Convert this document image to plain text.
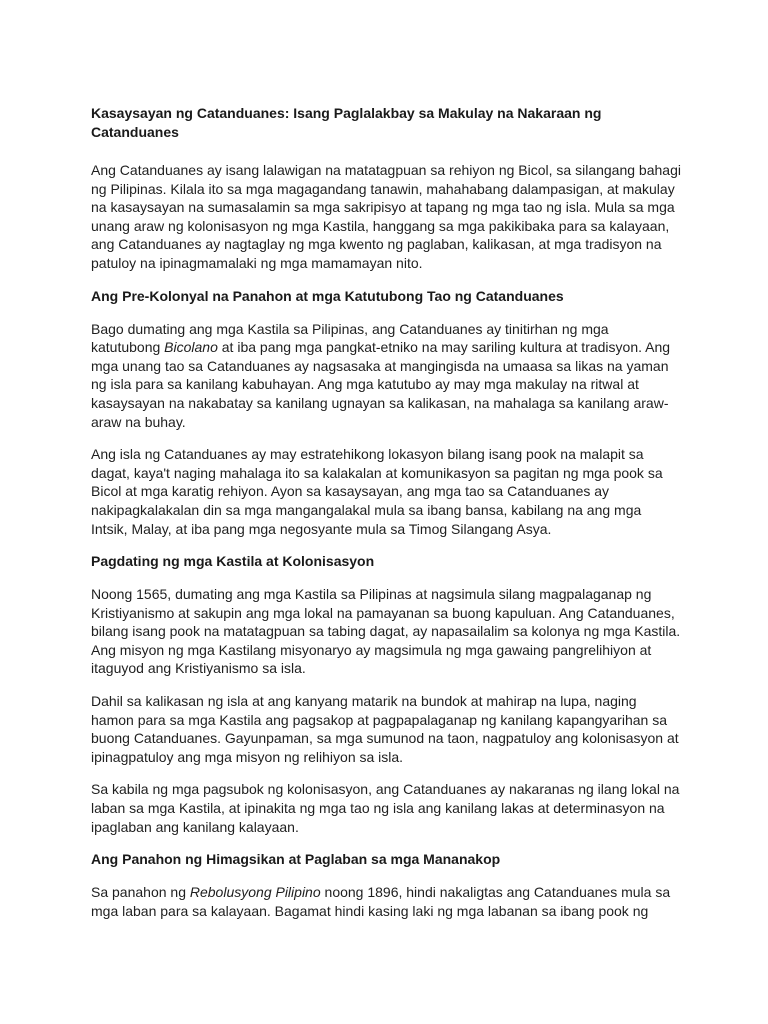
Kasaysayan ng Catanduanes: Isang Paglalakbay sa Makulay na Nakaraan ng Catanduanes

Ang Catanduanes ay isang lalawigan na matatagpuan sa rehiyon ng Bicol, sa silangang bahagi ng Pilipinas. Kilala ito sa mga magagandang tanawin, mahahabang dalampasigan, at makulay na kasaysayan na sumasalamin sa mga sakripisyo at tapang ng mga tao ng isla. Mula sa mga unang araw ng kolonisasyon ng mga Kastila, hanggang sa mga pakikibaka para sa kalayaan, ang Catanduanes ay nagtaglay ng mga kwento ng paglaban, kalikasan, at mga tradisyon na patuloy na ipinagmamalaki ng mga mamamayan nito.

Ang Pre-Kolonyal na Panahon at mga Katutubong Tao ng Catanduanes

Bago dumating ang mga Kastila sa Pilipinas, ang Catanduanes ay tinitirhan ng mga katutubong Bicolano at iba pang mga pangkat-etniko na may sariling kultura at tradisyon. Ang mga unang tao sa Catanduanes ay nagsasaka at mangingisda na umaasa sa likas na yaman ng isla para sa kanilang kabuhayan. Ang mga katutubo ay may mga makulay na ritwal at kasaysayan na nakabatay sa kanilang ugnayan sa kalikasan, na mahalaga sa kanilang araw-araw na buhay.

Ang isla ng Catanduanes ay may estratehikong lokasyon bilang isang pook na malapit sa dagat, kaya't naging mahalaga ito sa kalakalan at komunikasyon sa pagitan ng mga pook sa Bicol at mga karatig rehiyon. Ayon sa kasaysayan, ang mga tao sa Catanduanes ay nakipagkalakalan din sa mga mangangalakal mula sa ibang bansa, kabilang na ang mga Intsik, Malay, at iba pang mga negosyante mula sa Timog Silangang Asya.

Pagdating ng mga Kastila at Kolonisasyon

Noong 1565, dumating ang mga Kastila sa Pilipinas at nagsimula silang magpalaganap ng Kristiyanismo at sakupin ang mga lokal na pamayanan sa buong kapuluan. Ang Catanduanes, bilang isang pook na matatagpuan sa tabing dagat, ay napasailalim sa kolonya ng mga Kastila. Ang misyon ng mga Kastilang misyonaryo ay magsimula ng mga gawaing pangrelihiyon at itaguyod ang Kristiyanismo sa isla.

Dahil sa kalikasan ng isla at ang kanyang matarik na bundok at mahirap na lupa, naging hamon para sa mga Kastila ang pagsakop at pagpapalaganap ng kanilang kapangyarihan sa buong Catanduanes. Gayunpaman, sa mga sumunod na taon, nagpatuloy ang kolonisasyon at ipinagpatuloy ang mga misyon ng relihiyon sa isla.

Sa kabila ng mga pagsubok ng kolonisasyon, ang Catanduanes ay nakaranas ng ilang lokal na laban sa mga Kastila, at ipinakita ng mga tao ng isla ang kanilang lakas at determinasyon na ipaglaban ang kanilang kalayaan.

Ang Panahon ng Himagsikan at Paglaban sa mga Mananakop

Sa panahon ng Rebolusyong Pilipino noong 1896, hindi nakaligtas ang Catanduanes mula sa mga laban para sa kalayaan. Bagamat hindi kasing laki ng mga labanan sa ibang pook ng
